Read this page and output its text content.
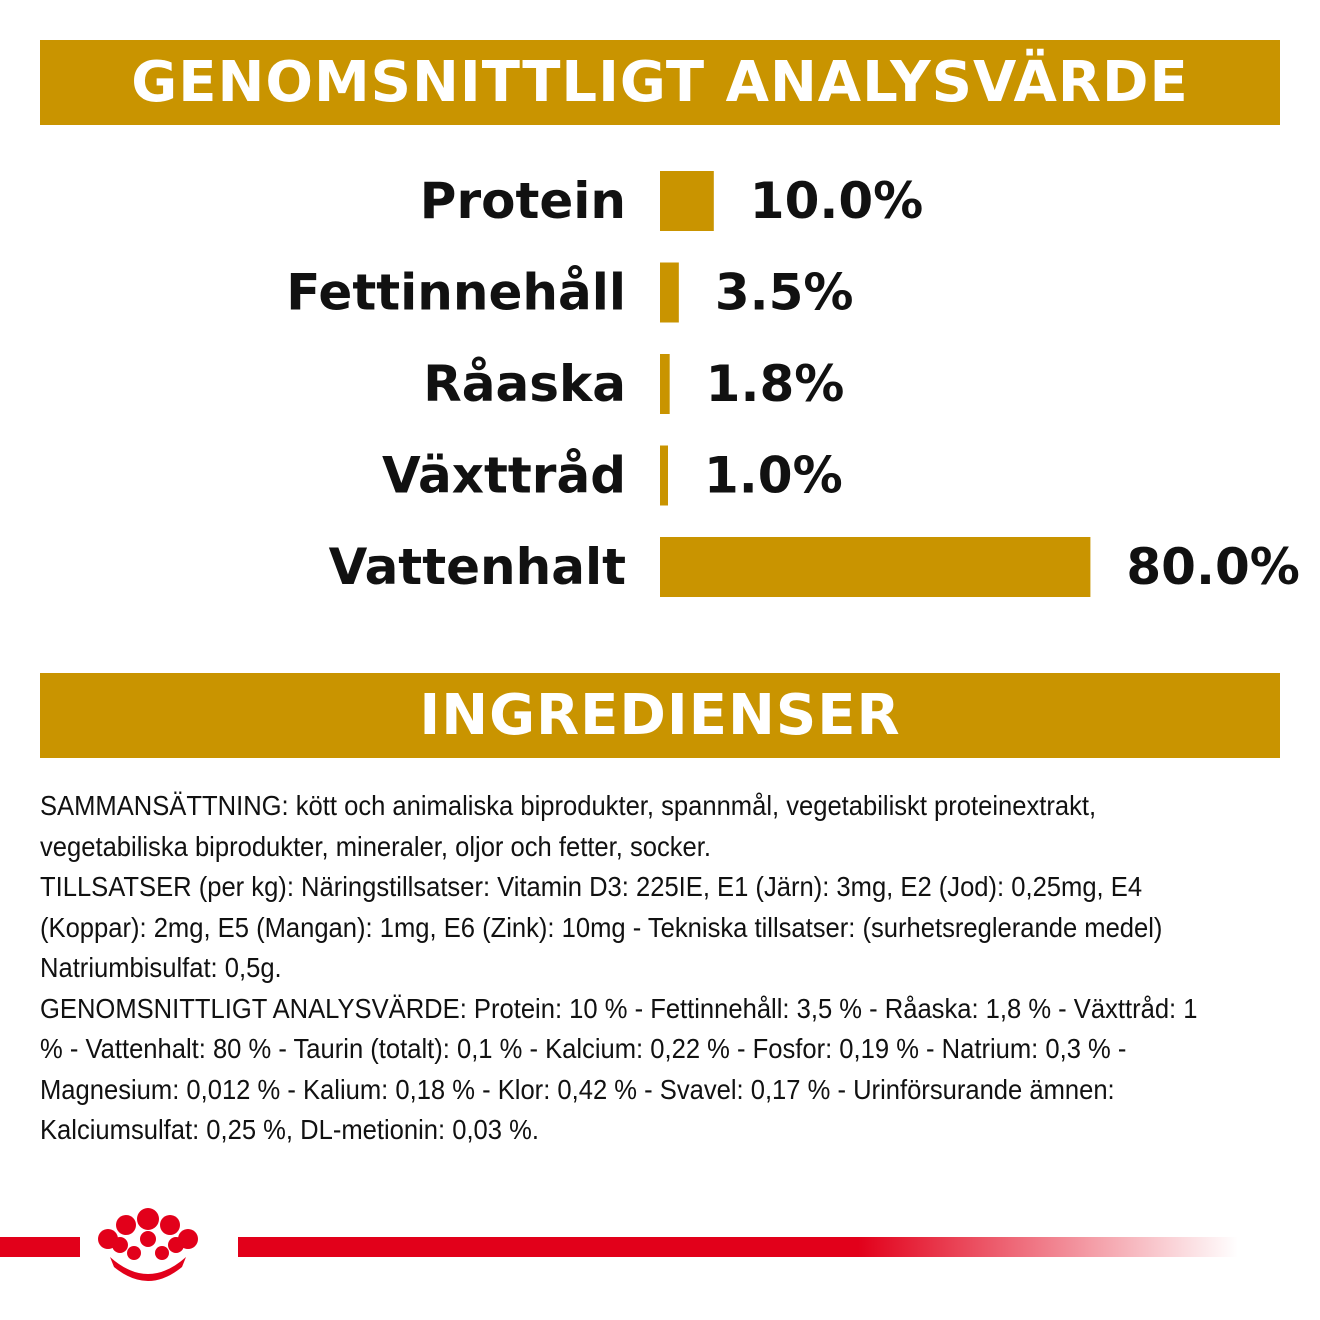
GENOMSNITTLIGT ANALYSVÄRDE
Protein 10.0%
Fettinnehåll 3.5%
Råaska 1.8%
Växttråd 1.0%
Vattenhalt	80.0%
INGREDIENSER

SAMMANSÄTTNING: kött och animaliska biprodukter, spannmål, vegetabiliskt proteinextrakt, vegetabiliska biprodukter, mineraler, oljor och fetter, socker.

TILLSATSER (per kg): Näringstillsatser: Vitamin D3: 225IE, E1 (Järn): 3mg, E2 (Jod): 0,25mg, E4 (Koppar): 2mg, E5 (Mangan): 1mg, E6 (Zink): 10mg - Tekniska tillsatser: (surhetsreglerande medel) Natriumbisulfat: 0,5g.

GENOMSNITTLIGT ANALYSVÄRDE: Protein: 10 % - Fettinnehåll: 3,5 % - Råaska: 1,8 % - Växttråd: 1 % - Vattenhalt: 80 % - Taurin (totalt): 0,1 % - Kalcium: 0,22 % - Fosfor: 0,19 % - Natrium: 0,3 % - Magnesium: 0,012 % - Kalium: 0,18 % - Klor: 0,42 % - Svavel: 0,17 % - Urinförsurande ämnen: Kalciumsulfat: 0,25 %, DL-metionin: 0,03 %.
